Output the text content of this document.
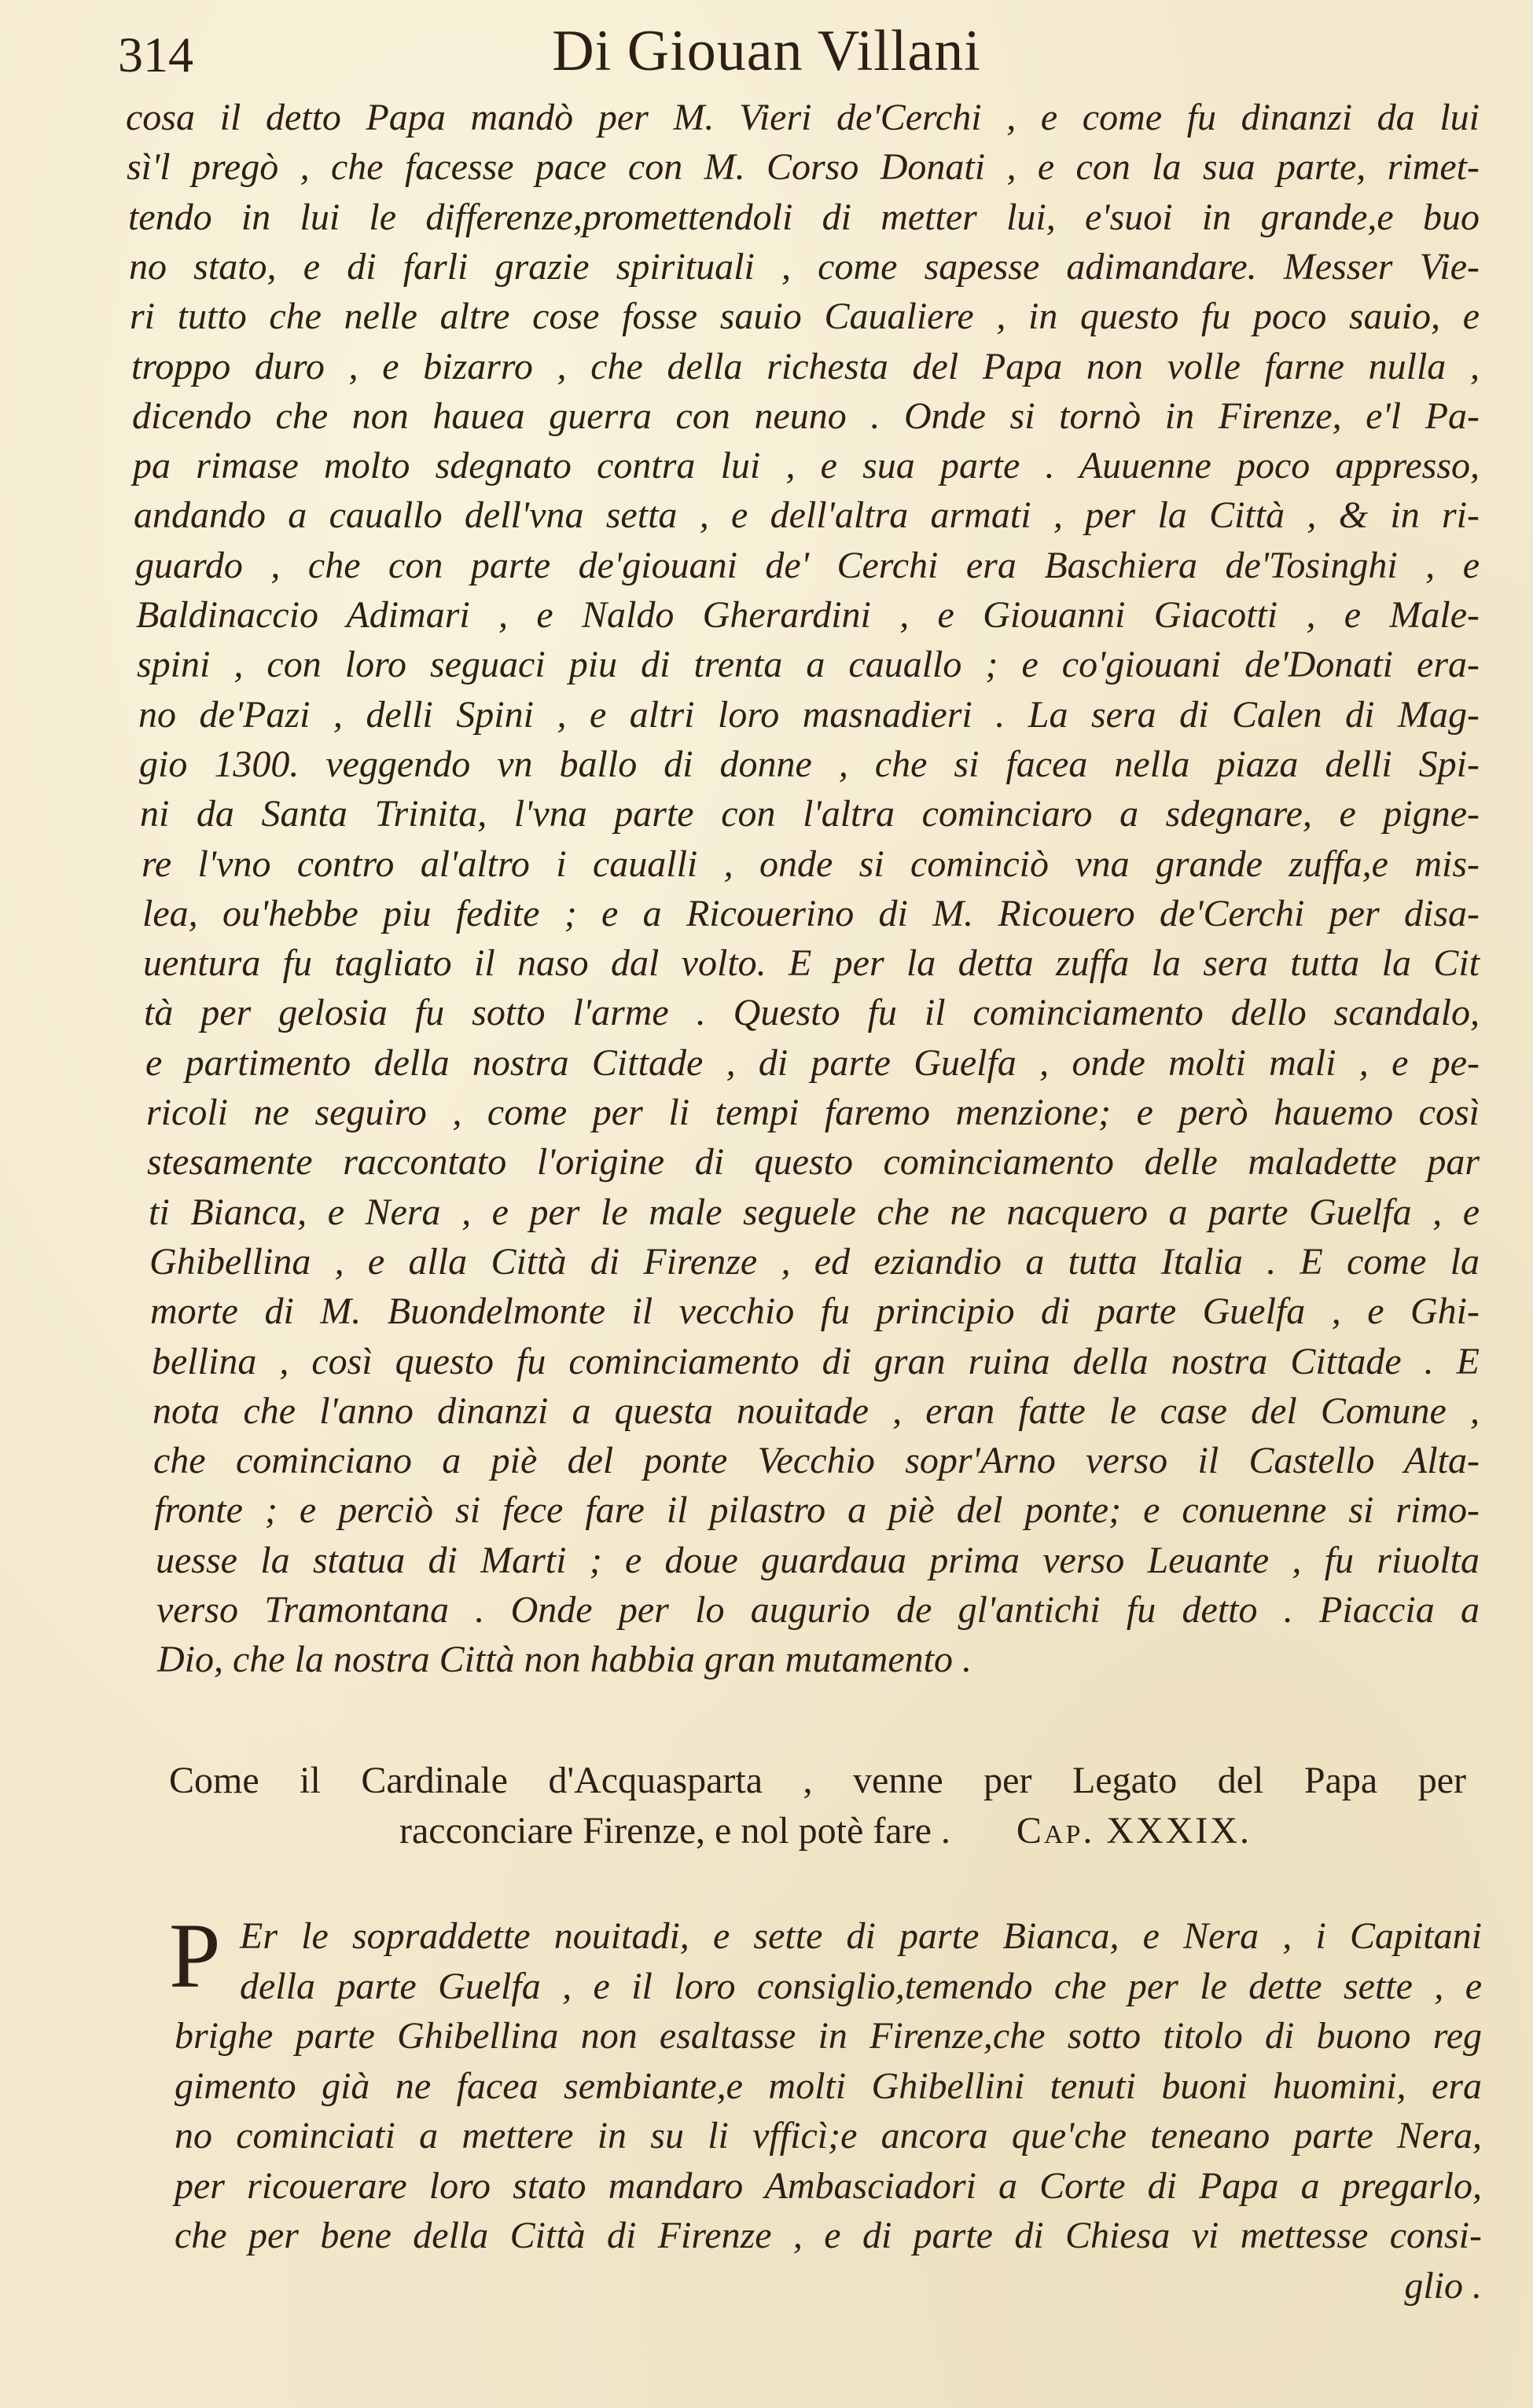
314	Di Giouan Villani
cosa il detto Papa mandò per M. Vieri de'Cerchi , e come fu dinanzi da lui
sì'l pregò , che facesse pace con M. Corso Donati , e con la sua parte, rimet-
tendo in lui le differenze,promettendoli di metter lui, e'suoi in grande,e buo
no stato, e di farli grazie spirituali , come sapesse adimandare. Messer Vie-
ri tutto che nelle altre cose fosse sauio Caualiere , in questo fu poco sauio, e
troppo duro , e bizarro , che della richesta del Papa non volle farne nulla ,
dicendo che non hauea guerra con neuno . Onde si tornò in Firenze, e'l Pa-
pa rimase molto sdegnato contra lui , e sua parte . Auuenne poco appresso,
andando a cauallo dell'vna setta , e dell'altra armati , per la Città , & in ri-
guardo , che con parte de'giouani de' Cerchi era Baschiera de'Tosinghi , e
Baldinaccio Adimari , e Naldo Gherardini , e Giouanni Giacotti , e Male-
spini , con loro seguaci piu di trenta a cauallo ; e co'giouani de'Donati era-
no de'Pazi , delli Spini , e altri loro masnadieri . La sera di Calen di Mag-
gio 1300. veggendo vn ballo di donne , che si facea nella piaza delli Spi-
ni da Santa Trinita, l'vna parte con l'altra cominciaro a sdegnare, e pigne-
re l'vno contro al'altro i caualli , onde si cominciò vna grande zuffa,e mis-
lea, ou'hebbe piu fedite ; e a Ricouerino di M. Ricouero de'Cerchi per disa-
uentura fu tagliato il naso dal volto. E per la detta zuffa la sera tutta la Cit
tà per gelosia fu sotto l'arme . Questo fu il cominciamento dello scandalo,
e partimento della nostra Cittade , di parte Guelfa , onde molti mali , e pe-
ricoli ne seguiro , come per li tempi faremo menzione; e però hauemo così
stesamente raccontato l'origine di questo cominciamento delle maladette par
ti Bianca, e Nera , e per le male seguele che ne nacquero a parte Guelfa , e
Ghibellina , e alla Città di Firenze , ed eziandio a tutta Italia . E come la
morte di M. Buondelmonte il vecchio fu principio di parte Guelfa , e Ghi-
bellina , così questo fu cominciamento di gran ruina della nostra Cittade . E
nota che l'anno dinanzi a questa nouitade , eran fatte le case del Comune ,
che cominciano a piè del ponte Vecchio sopr'Arno verso il Castello Alta-
fronte ; e perciò si fece fare il pilastro a piè del ponte; e conuenne si rimo-
uesse la statua di Marti ; e doue guardaua prima verso Leuante , fu riuolta
verso Tramontana . Onde per lo augurio de gl'antichi fu detto . Piaccia a
Dio, che la nostra Città non habbia gran mutamento .
Come il Cardinale d'Acquasparta , venne per Legato del Papa per
racconciare Firenze, e nol potè fare . Cap. XXXIX.
P Er le sopraddette nouitadi, e sette di parte Bianca, e Nera , i Capitani
della parte Guelfa , e il loro consiglio,temendo che per le dette sette , e
brighe parte Ghibellina non esaltasse in Firenze,che sotto titolo di buono reg
gimento già ne facea sembiante,e molti Ghibellini tenuti buoni huomini, era
no cominciati a mettere in su li vfficì;e ancora que'che teneano parte Nera,
per ricouerare loro stato mandaro Ambasciadori a Corte di Papa a pregarlo,
che per bene della Città di Firenze , e di parte di Chiesa vi mettesse consi-
glio .
